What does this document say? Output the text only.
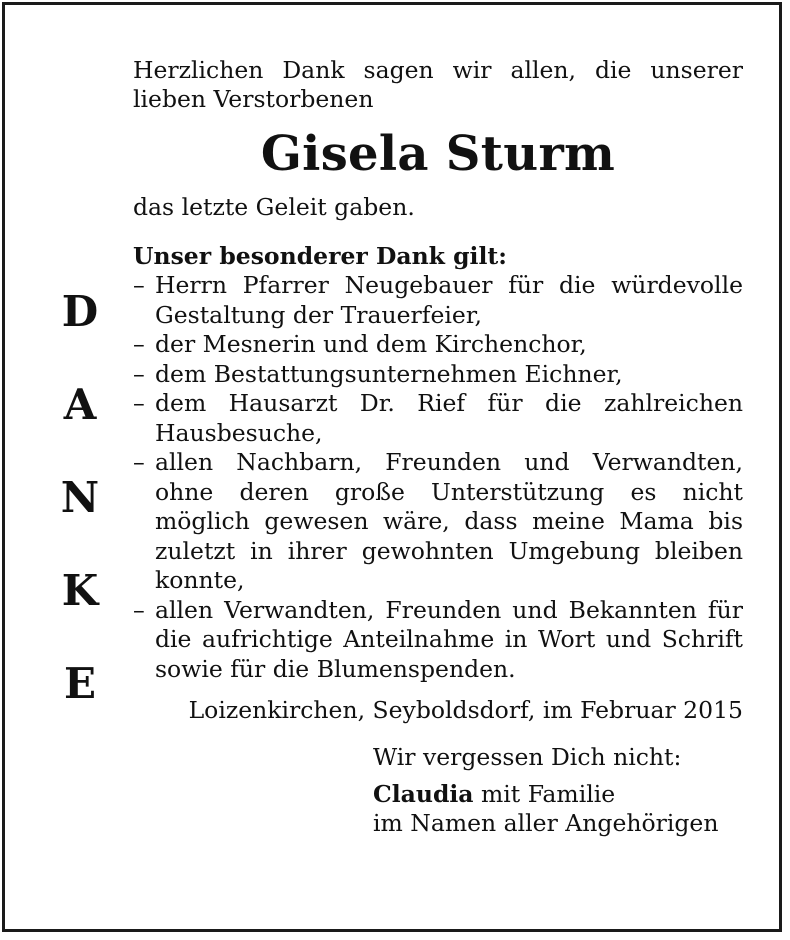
D
A
N
K
E

Herzlichen Dank sagen wir allen, die unserer lieben Verstorbenen

Gisela Sturm

das letzte Geleit gaben.

Unser besonderer Dank gilt:

– Herrn Pfarrer Neugebauer für die würdevolle Gestaltung der Trauerfeier,
– der Mesnerin und dem Kirchenchor,
– dem Bestattungsunternehmen Eichner,
– dem Hausarzt Dr. Rief für die zahlreichen Hausbesuche,
– allen Nachbarn, Freunden und Verwandten, ohne deren große Unterstützung es nicht möglich gewesen wäre, dass meine Mama bis zuletzt in ihrer gewohnten Umgebung bleiben konnte,
– allen Verwandten, Freunden und Bekannten für die aufrichtige Anteilnahme in Wort und Schrift sowie für die Blumenspenden.

Loizenkirchen, Seyboldsdorf, im Februar 2015

Wir vergessen Dich nicht:

Claudia mit Familie

im Namen aller Angehörigen
